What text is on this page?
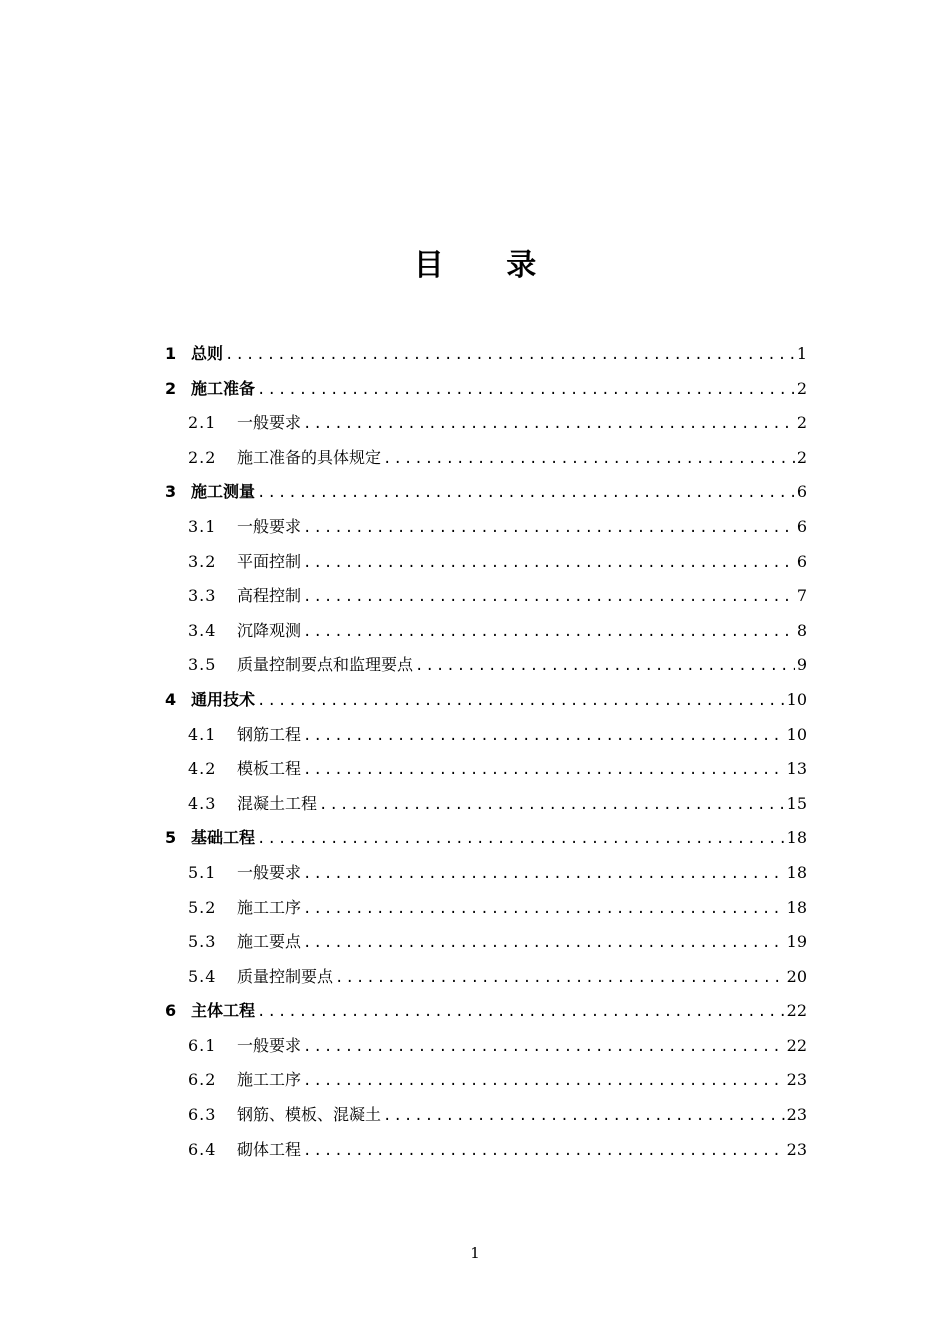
目 录
1 总则 .....	1
2 施工准备 .....	2
2.1	一般要求 .....	2
2.2	施工准备的具体规定 .....	2
3 施工测量 .....	6
3.1	一般要求 .....	6
3.2	平面控制 .....	6
3.3	高程控制 .....	7
3.4	沉降观测 .....	8
3.5	质量控制要点和监理要点 .....	9
4 通用技术 .....	10
4.1	钢筋工程 .....	10
4.2	模板工程 .....	13
4.3	混凝土工程 .....	15
5 基础工程 .....	18
5.1	一般要求 .....	18
5.2	施工工序 .....	18
5.3	施工要点 .....	19
5.4	质量控制要点 .....	20
6 主体工程 .....	22
6.1	一般要求 .....	22
6.2	施工工序 .....	23
6.3	钢筋、模板、混凝土 .....	23
6.4	砌体工程 .....	23
1
